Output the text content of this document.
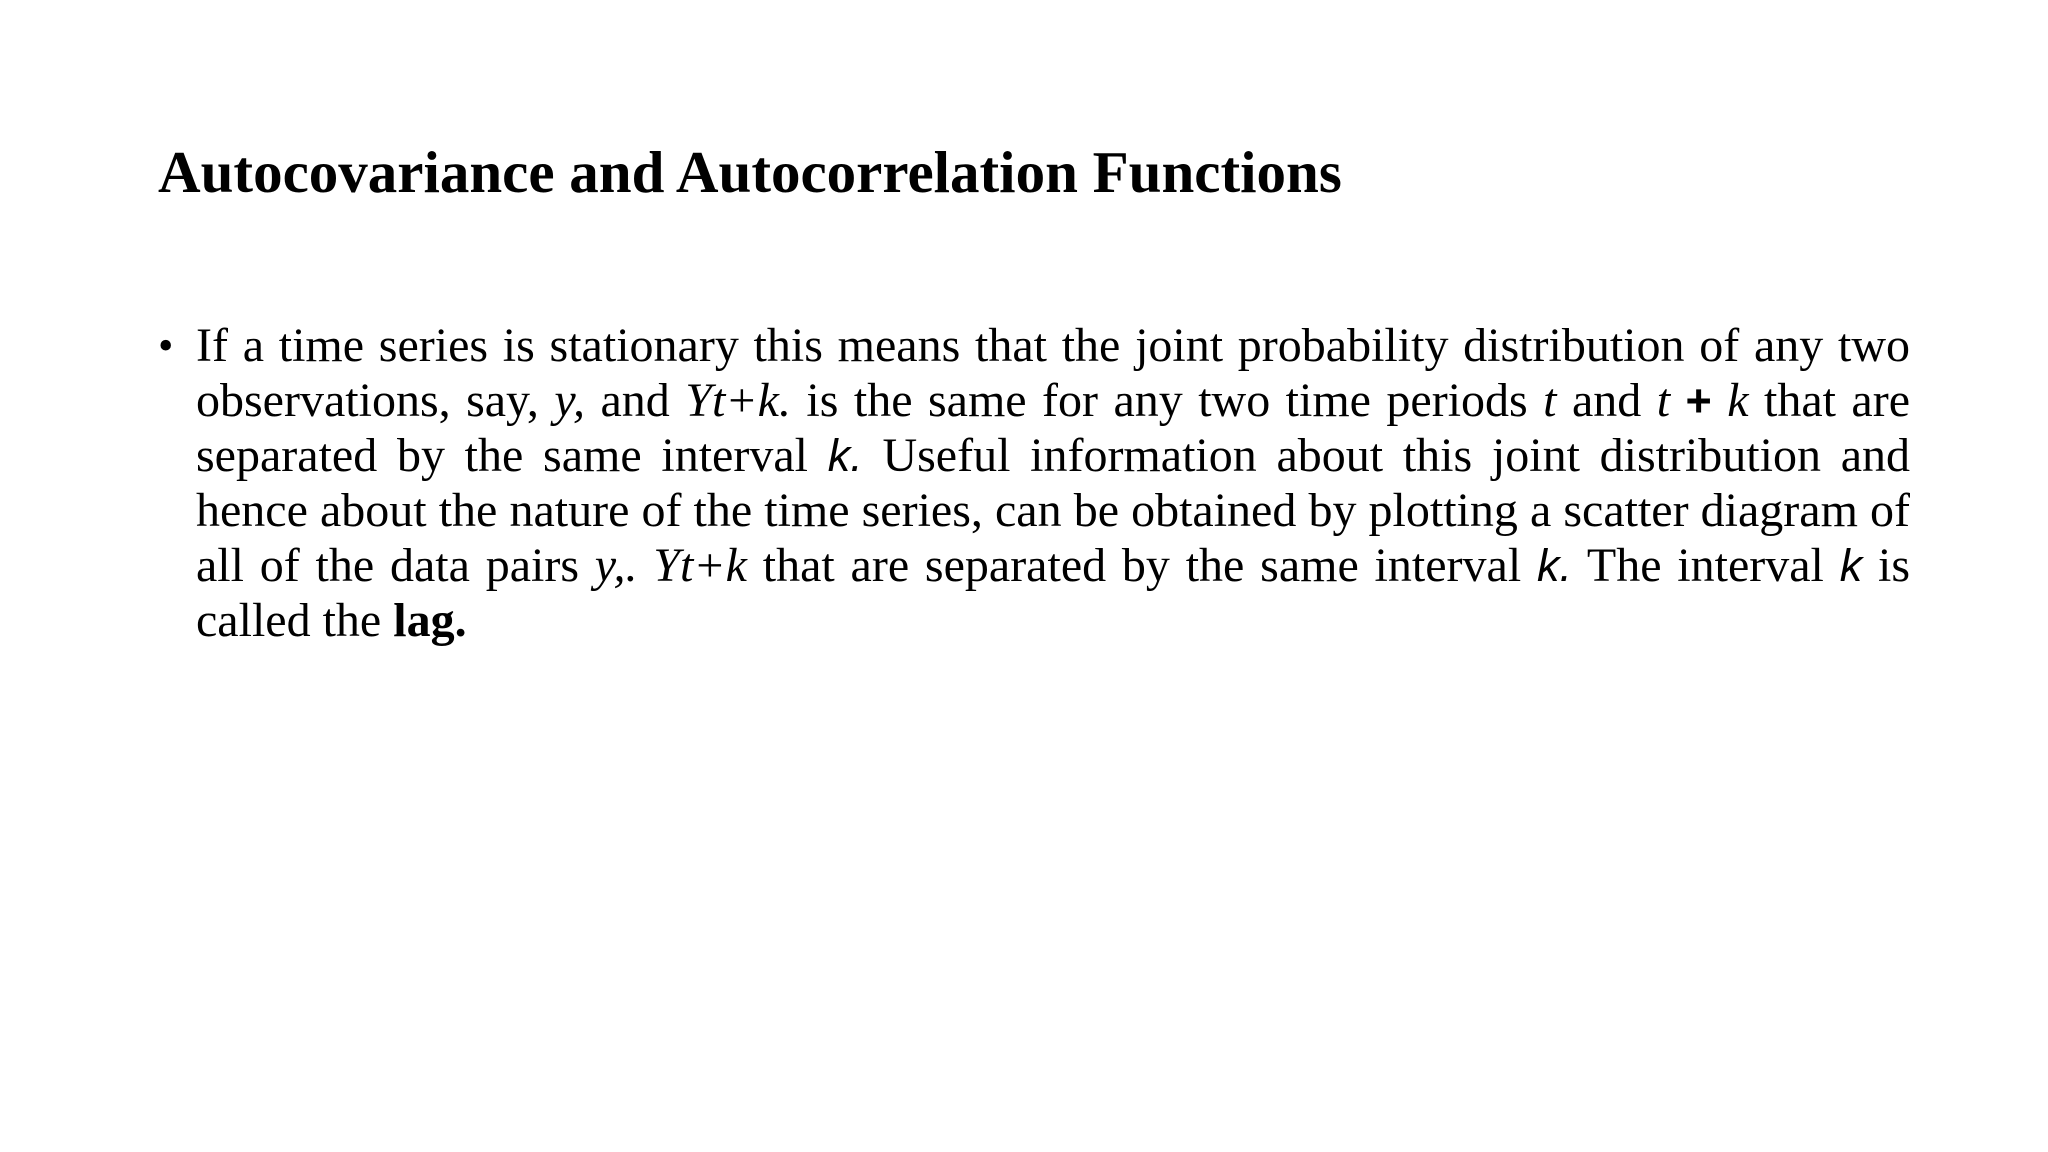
Autocovariance and Autocorrelation Functions
• If a time series is stationary this means that the joint probability distribution of any two observations, say, y, and Yt+k. is the same for any two time periods t and t + k that are separated by the same interval k. Useful information about this joint distribution and hence about the nature of the time series, can be obtained by plotting a scatter diagram of all of the data pairs y,. Yt+k that are separated by the same interval k. The interval k is called the lag.
